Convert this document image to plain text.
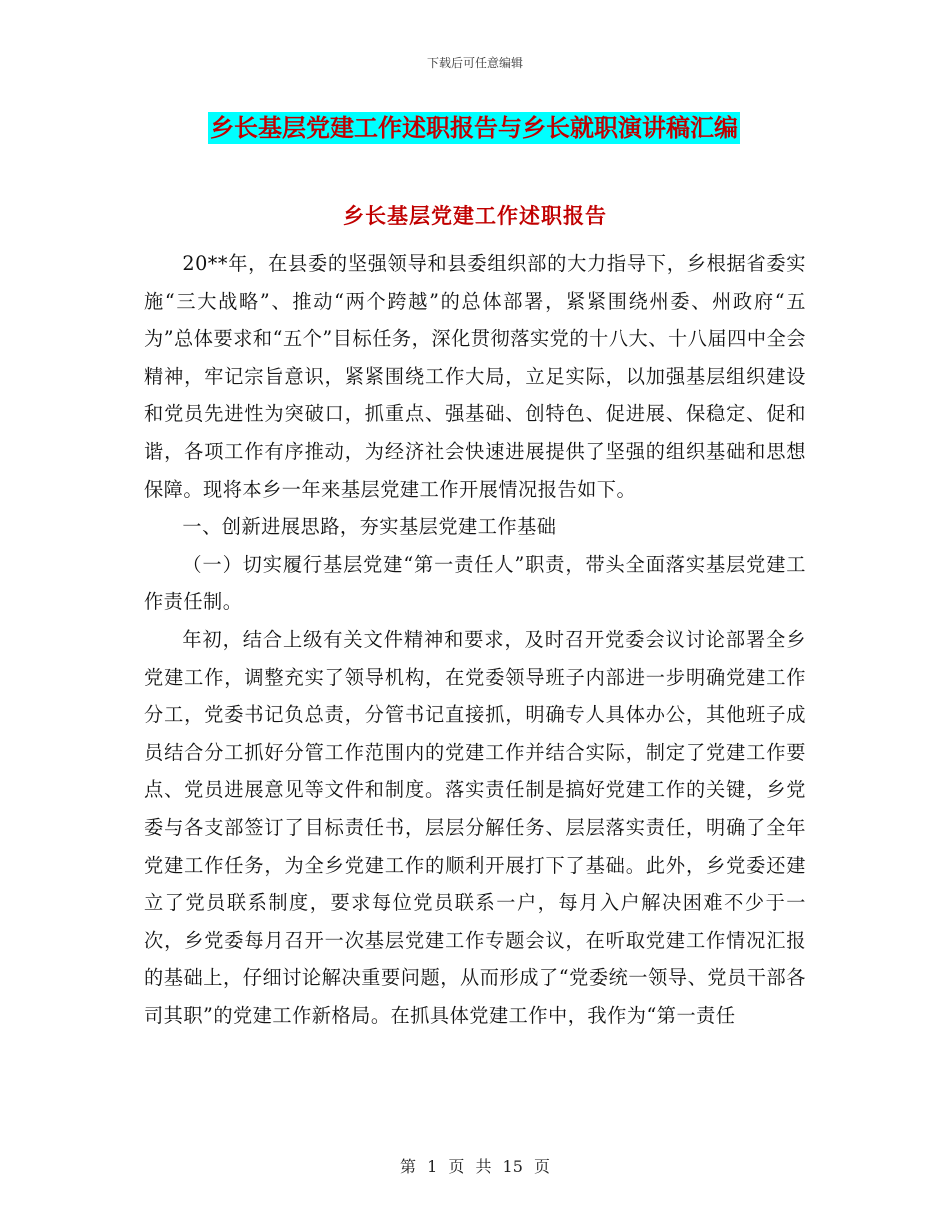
下载后可任意编辑
乡长基层党建工作述职报告与乡长就职演讲稿汇编
乡长基层党建工作述职报告

20**年，在县委的坚强领导和县委组织部的大力指导下，乡根据省委实施“三大战略”、推动“两个跨越”的总体部署，紧紧围绕州委、州政府“五为”总体要求和“五个”目标任务，深化贯彻落实党的十八大、十八届四中全会精神，牢记宗旨意识，紧紧围绕工作大局，立足实际，以加强基层组织建设和党员先进性为突破口，抓重点、强基础、创特色、促进展、保稳定、促和谐，各项工作有序推动，为经济社会快速进展提供了坚强的组织基础和思想保障。现将本乡一年来基层党建工作开展情况报告如下。

一、创新进展思路，夯实基层党建工作基础

（一）切实履行基层党建“第一责任人”职责，带头全面落实基层党建工作责任制。

年初，结合上级有关文件精神和要求，及时召开党委会议讨论部署全乡党建工作，调整充实了领导机构，在党委领导班子内部进一步明确党建工作分工，党委书记负总责，分管书记直接抓，明确专人具体办公，其他班子成员结合分工抓好分管工作范围内的党建工作并结合实际，制定了党建工作要点、党员进展意见等文件和制度。落实责任制是搞好党建工作的关键，乡党委与各支部签订了目标责任书，层层分解任务、层层落实责任，明确了全年党建工作任务，为全乡党建工作的顺利开展打下了基础。此外，乡党委还建立了党员联系制度，要求每位党员联系一户，每月入户解决困难不少于一次，乡党委每月召开一次基层党建工作专题会议，在听取党建工作情况汇报的基础上，仔细讨论解决重要问题，从而形成了“党委统一领导、党员干部各司其职”的党建工作新格局。在抓具体党建工作中，我作为“第一责任

第 1 页 共 15 页
